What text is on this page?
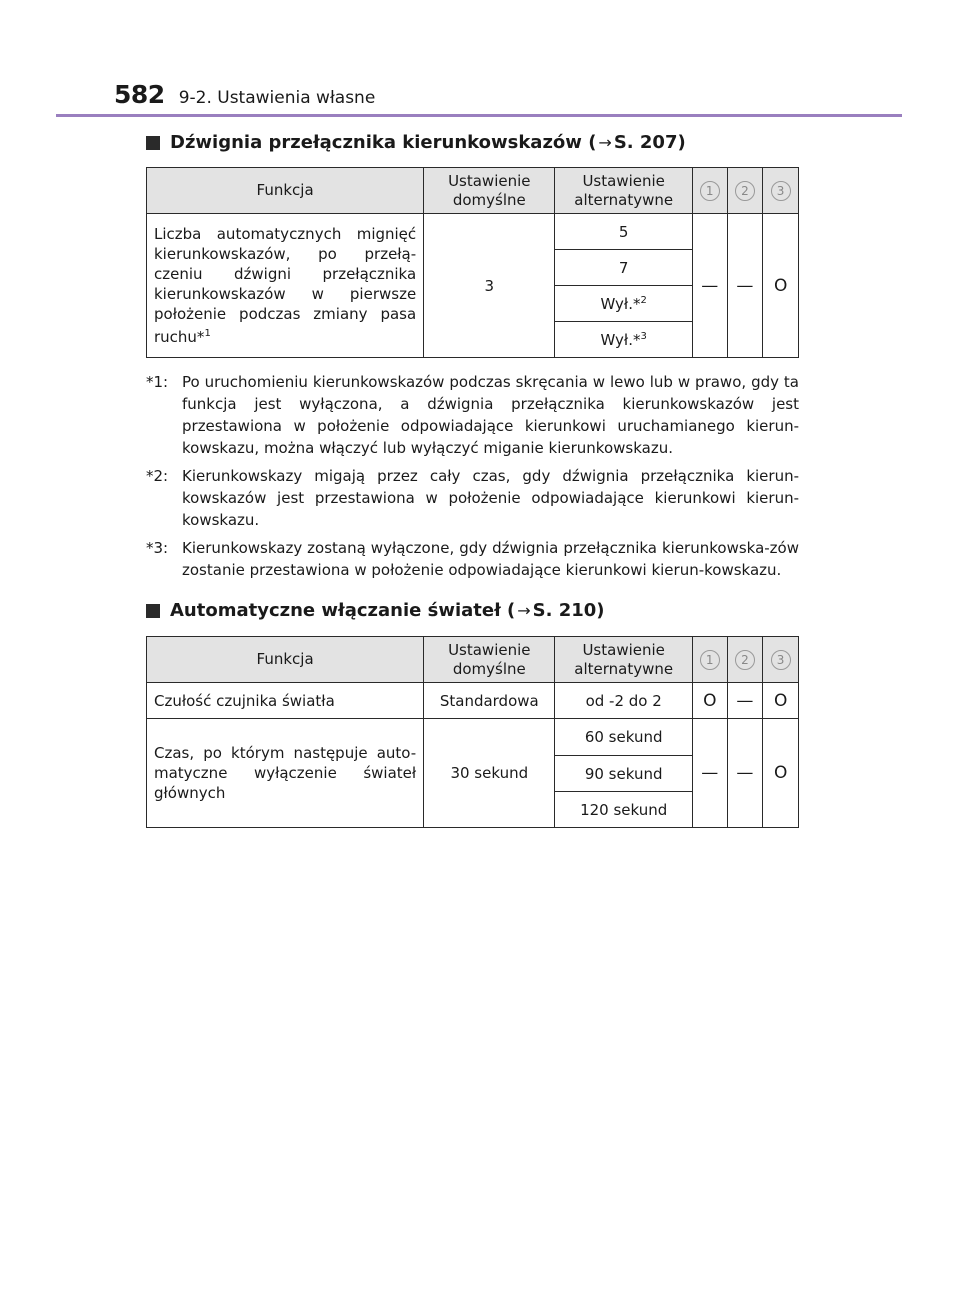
582 9-2. Ustawienia własne
Dźwignia przełącznika kierunkowskazów ( → S. 207)
Funkcja	Ustawienie domyślne	Ustawienie alternatywne	1	2	3
Liczba automatycznych mignięć kierunkowskazów, po przełą-czeniu dźwigni przełącznika kierunkowskazów w pierwsze położenie podczas zmiany pasa ruchu*$^1$	3	5	—	—	O
		7			
		Wył.*$^2$
		Wył.*$^3$
*1: Po uruchomieniu kierunkowskazów podczas skręcania w lewo lub w prawo, gdy ta funkcja jest wyłączona, a dźwignia przełącznika kierunkowskazów jest przestawiona w położenie odpowiadające kierunkowi uruchamianego kierun-kowskazu, można włączyć lub wyłączyć miganie kierunkowskazu.
*2: Kierunkowskazy migają przez cały czas, gdy dźwignia przełącznika kierun-kowskazów jest przestawiona w położenie odpowiadające kierunkowi kierun-kowskazu.
*3: Kierunkowskazy zostaną wyłączone, gdy dźwignia przełącznika kierunkowska-zów zostanie przestawiona w położenie odpowiadające kierunkowi kierun-kowskazu.
Automatyczne włączanie świateł ( → S. 210)
Funkcja	Ustawienie domyślne	Ustawienie alternatywne	1	2	3
Czułość czujnika światła	Standardowa	od -2 do 2	O	—	O
Czas, po którym następuje auto-matyczne wyłączenie świateł głównych	30 sekund	60 sekund	—	—	O
		90 sekund			
		120 sekund			
